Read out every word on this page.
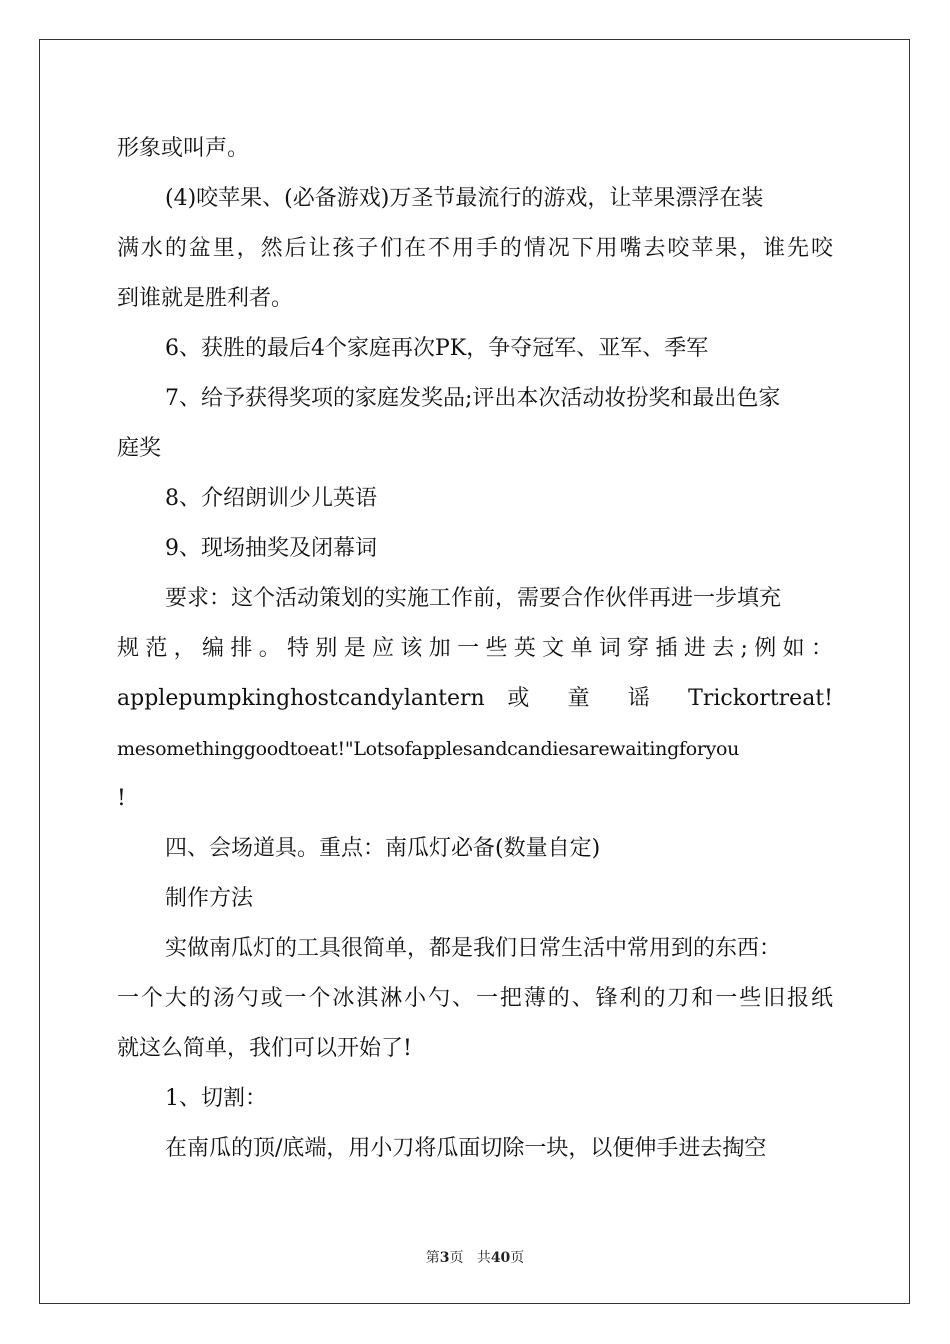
形象或叫声。
(4)咬苹果、(必备游戏)万圣节最流行的游戏，让苹果漂浮在装
满水的盆里，然后让孩子们在不用手的情况下用嘴去咬苹果，谁先咬
到谁就是胜利者。
6、获胜的最后4个家庭再次PK，争夺冠军、亚军、季军
7、给予获得奖项的家庭发奖品;评出本次活动妆扮奖和最出色家
庭奖
8、介绍朗训少儿英语
9、现场抽奖及闭幕词
要求：这个活动策划的实施工作前，需要合作伙伴再进一步填充
规范，编排。特别是应该加一些英文单词穿插进去;例如：
applepumpkinghostcandylantern 或 童 谣 Trickortreat!
mesomethinggoodtoeat!"Lotsofapplesandcandiesarewaitingforyou
!
四、会场道具。重点：南瓜灯必备(数量自定)
制作方法
实做南瓜灯的工具很简单，都是我们日常生活中常用到的东西：
一个大的汤勺或一个冰淇淋小勺、一把薄的、锋利的刀和一些旧报纸
就这么简单，我们可以开始了!
1、切割：
在南瓜的顶/底端，用小刀将瓜面切除一块，以便伸手进去掏空
第3页 共40页
